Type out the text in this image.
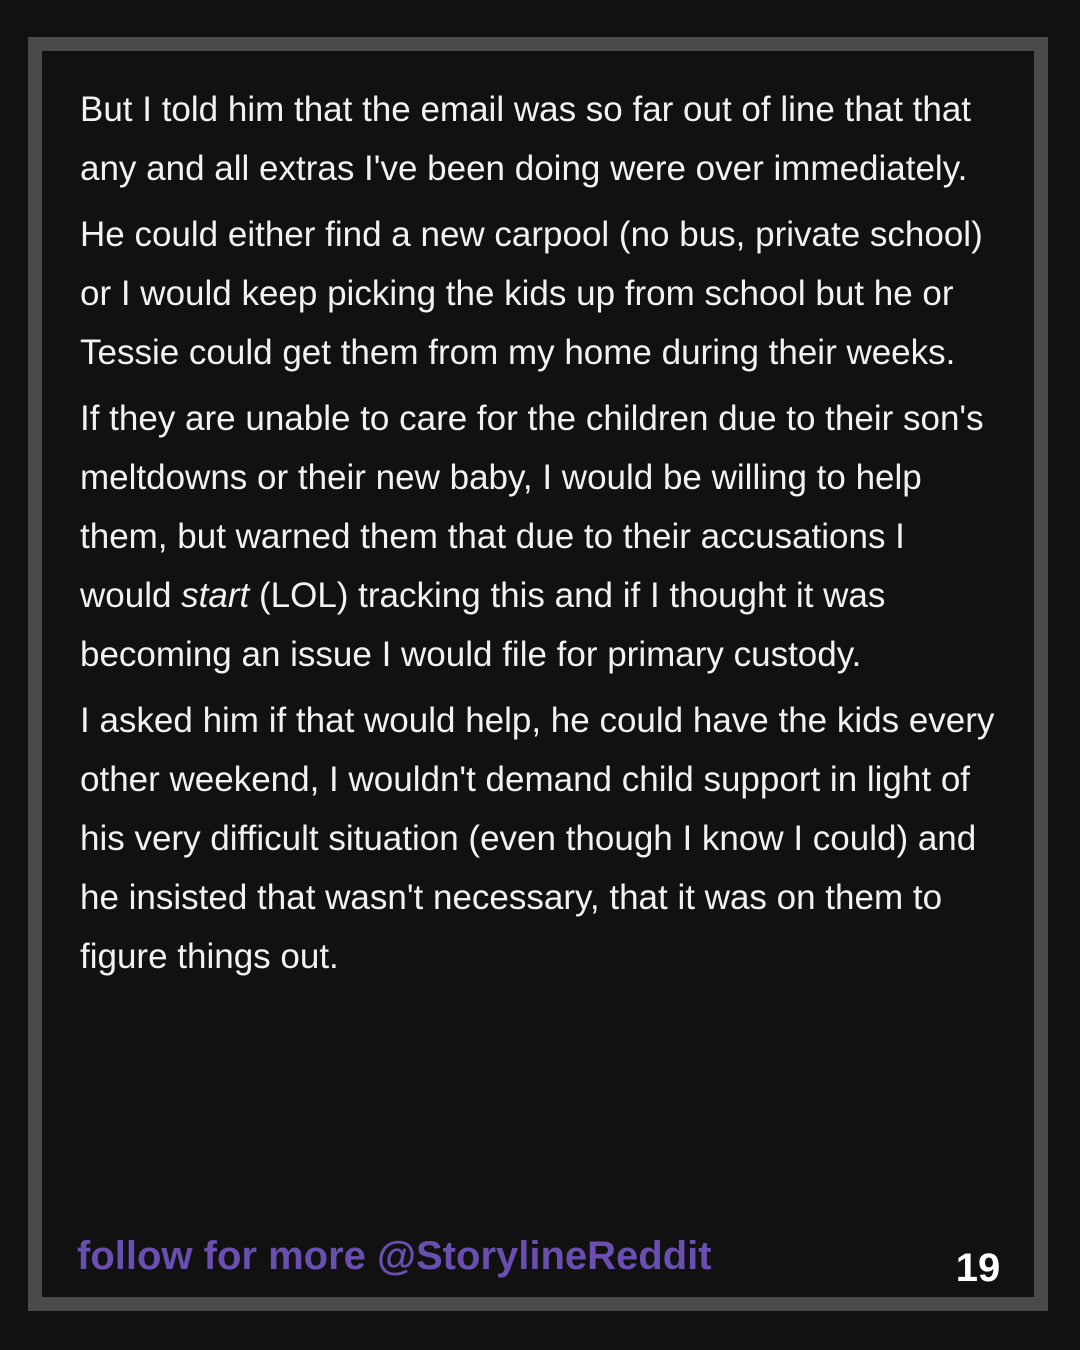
But I told him that the email was so far out of line that that any and all extras I've been doing were over immediately.

He could either find a new carpool (no bus, private school) or I would keep picking the kids up from school but he or Tessie could get them from my home during their weeks.

If they are unable to care for the children due to their son's meltdowns or their new baby, I would be willing to help them, but warned them that due to their accusations I would start (LOL) tracking this and if I thought it was becoming an issue I would file for primary custody.

I asked him if that would help, he could have the kids every other weekend, I wouldn't demand child support in light of his very difficult situation (even though I know I could) and he insisted that wasn't necessary, that it was on them to figure things out.

follow for more @StorylineReddit	19
